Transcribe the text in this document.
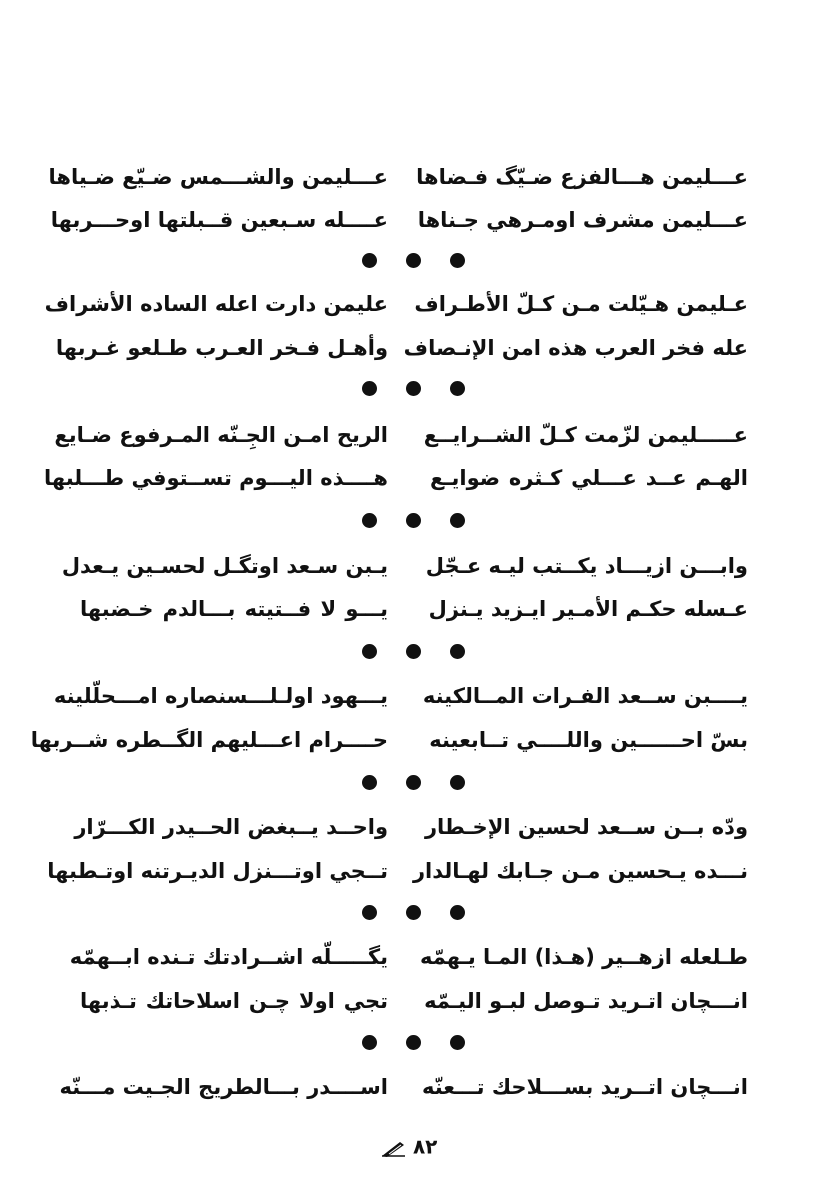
عـــليمن هـــالفزع ضـيّگ فـضاها
عـــليمن والشـــمس ضـيّع ضـياها
عـــليمن مشرف اومـرهي جـناها
عــــله سـبعين قــبلتها اوحـــربها
عـليمن هـيّلت مـن كـلّ الأطـراف
عليمن دارت اعله الساده الأشراف
عله فخر العرب هذه امن الإنـصاف
وأهـل فـخر العـرب طـلعو غـربها
عـــــليمن لزّمت كـلّ الشــرايــع
الريح امـن الجِـنّه المـرفوع ضـايع
الهـم عــد عـــلي كـثره ضوايـع
هــــذه اليـــوم تســتوفي طـــلبها
وابـــن ازيـــاد يكــتب ليـه عـجّل
يـبن سـعد اوتگـل لحسـين يـعدل
عـسله حكـم الأمـير ايـزيد يـنزل
يـــو لا فــتيته بـــالدم خـضبها
يــــبن ســعد الفـرات المــالكينه
يـــهود اولـلـــسنصاره امـــحلّلينه
بسّ احــــــين واللــــي تــابعينه
حــــرام اعـــليهم الگــطره شــربها
ودّه بــن ســعد لحسين الإخـطار
واحــد يــبغض الحــيدر الكـــرّار
نـــده يـحسين مـن جـابك لهـالدار
تــجي اوتـــنزل الديـرتنه اوتـطبها
طـلعله ازهــير (هـذا) المـا يـهمّه
يگـــــلّه اشــرادتك تـنده ابــهمّه
انـــچان اتـريد تـوصل لبـو اليـمّه
تجي اولا چـن اسلاحاتك تـذبها
انـــچان اتــريد بســـلاحك تـــعنّه
اســــدر بـــالطريج الجـيت مـــنّه
٨٢
